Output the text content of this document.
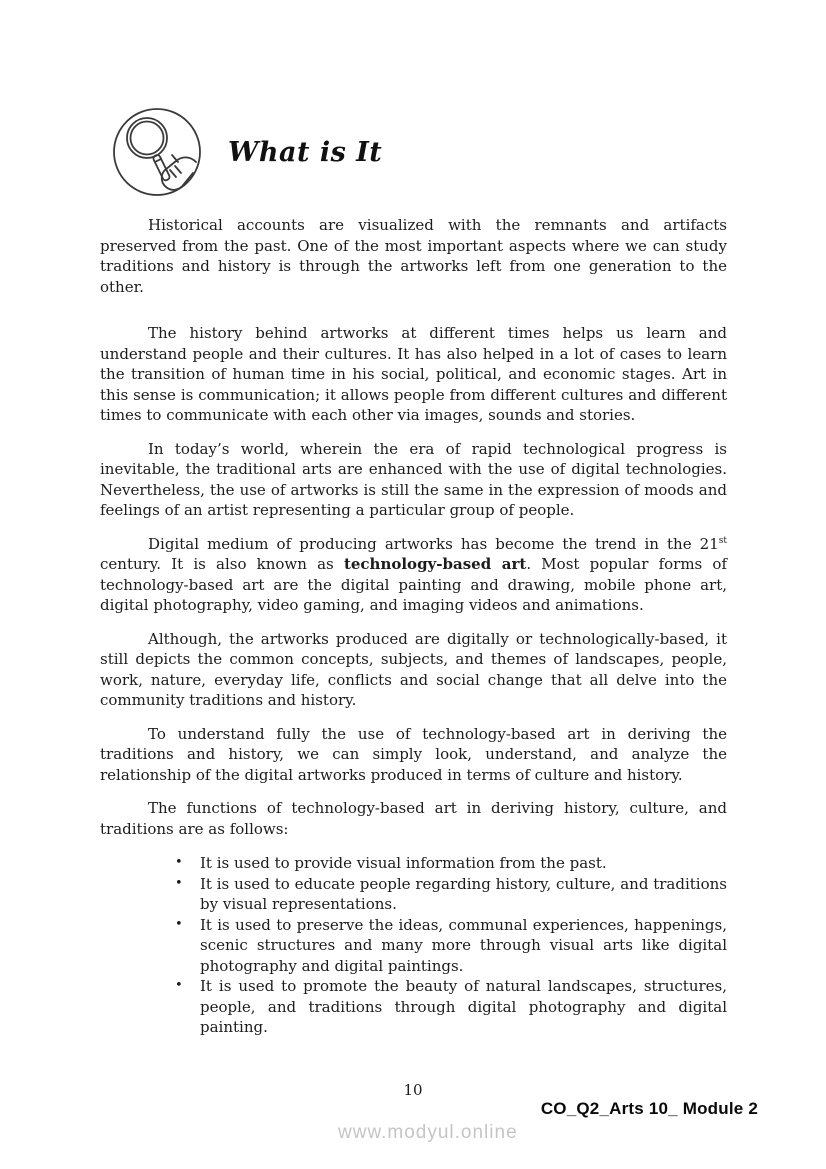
What is It

Historical accounts are visualized with the remnants and artifacts preserved from the past. One of the most important aspects where we can study traditions and history is through the artworks left from one generation to the other.

The history behind artworks at different times helps us learn and understand people and their cultures. It has also helped in a lot of cases to learn the transition of human time in his social, political, and economic stages. Art in this sense is communication; it allows people from different cultures and different times to communicate with each other via images, sounds and stories.

In today’s world, wherein the era of rapid technological progress is inevitable, the traditional arts are enhanced with the use of digital technologies. Nevertheless, the use of artworks is still the same in the expression of moods and feelings of an artist representing a particular group of people.

Digital medium of producing artworks has become the trend in the 21st century. It is also known as technology-based art. Most popular forms of technology-based art are the digital painting and drawing, mobile phone art, digital photography, video gaming, and imaging videos and animations.

Although, the artworks produced are digitally or technologically-based, it still depicts the common concepts, subjects, and themes of landscapes, people, work, nature, everyday life, conflicts and social change that all delve into the community traditions and history.

To understand fully the use of technology-based art in deriving the traditions and history, we can simply look, understand, and analyze the relationship of the digital artworks produced in terms of culture and history.

The functions of technology-based art in deriving history, culture, and traditions are as follows:

•	It is used to provide visual information from the past.
•	It is used to educate people regarding history, culture, and traditions by visual representations.
•	It is used to preserve the ideas, communal experiences, happenings, scenic structures and many more through visual arts like digital photography and digital paintings.
•	It is used to promote the beauty of natural landscapes, structures, people, and traditions through digital photography and digital painting.
10
CO_Q2_Arts 10_ Module 2
www.modyul.online
